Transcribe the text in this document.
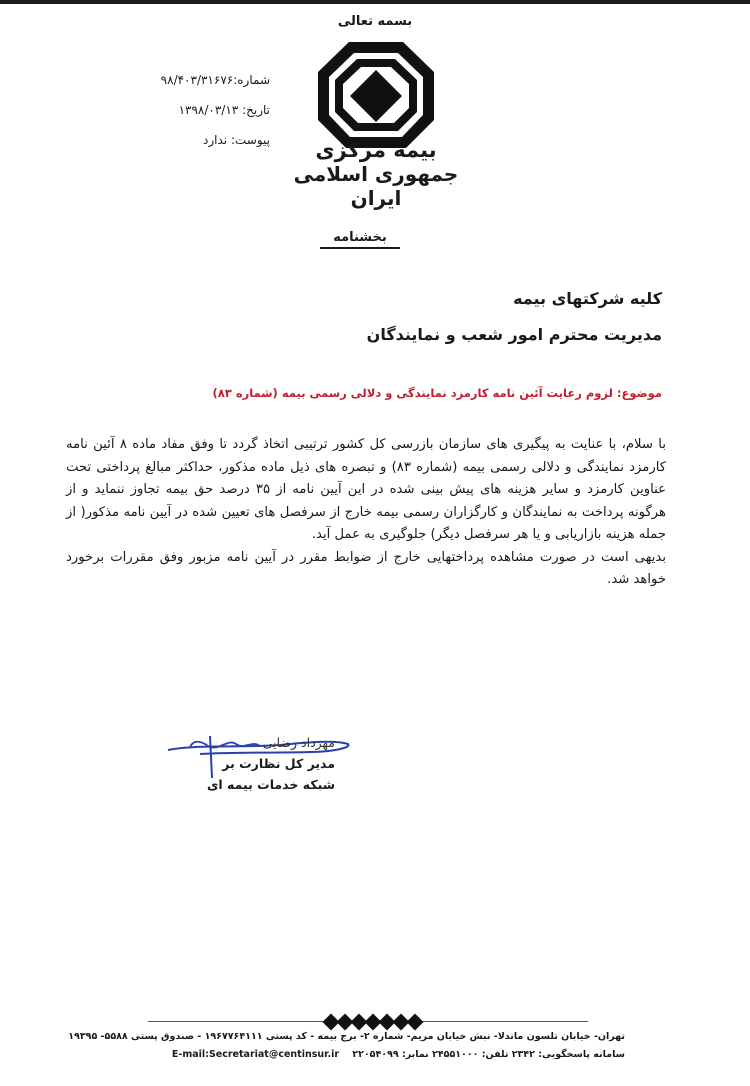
بسمه تعالی
بیمه مرکزی
جمهوری اسلامی ایران
شماره:۹۸/۴۰۳/۳۱۶۷۶
تاریخ: ۱۳۹۸/۰۳/۱۳
پیوست: ندارد
بخشنامه
کلیه شرکتهای بیمه
مدیریت محترم امور شعب و نمایندگان
موضوع: لزوم رعایت آئین نامه کارمزد نمایندگی و دلالی رسمی بیمه (شماره ۸۳)

با سلام، با عنایت به پیگیری های سازمان بازرسی کل کشور ترتیبی اتخاذ گردد تا وفق مفاد ماده ۸ آئین نامه کارمزد نمایندگی و دلالی رسمی بیمه (شماره ۸۳) و تبصره های ذیل ماده مذکور، حداکثر مبالغ پرداختی تحت عناوین کارمزد و سایر هزینه های پیش بینی شده در این آیین نامه از ۳۵ درصد حق بیمه تجاوز ننماید و از هرگونه پرداخت به نمایندگان و کارگزاران رسمی بیمه خارج از سرفصل های تعیین شده در آیین نامه مذکور( از جمله هزینه بازاریابی و یا هر سرفصل دیگر) جلوگیری به عمل آید.

بدیهی است در صورت مشاهده پرداختهایی خارج از ضوابط مقرر در آیین نامه مزبور وفق مقررات برخورد خواهد شد.

مهرداد رضایی
مدیر کل نظارت بر
شبکه خدمات بیمه ای
تهران- خیابان تلسون ماندلا- نبش خیابان مریم- شماره ۲- برج بیمه - کد پستی ۱۹۶۷۷۶۴۱۱۱ - صندوق پستی ۵۵۸۸- ۱۹۳۹۵
سامانه پاسخگویی: ۲۳۴۲ تلفن: ۲۴۵۵۱۰۰۰ نمابر: ۲۲۰۵۴۰۹۹    E-mail:Secretariat@centinsur.ir
